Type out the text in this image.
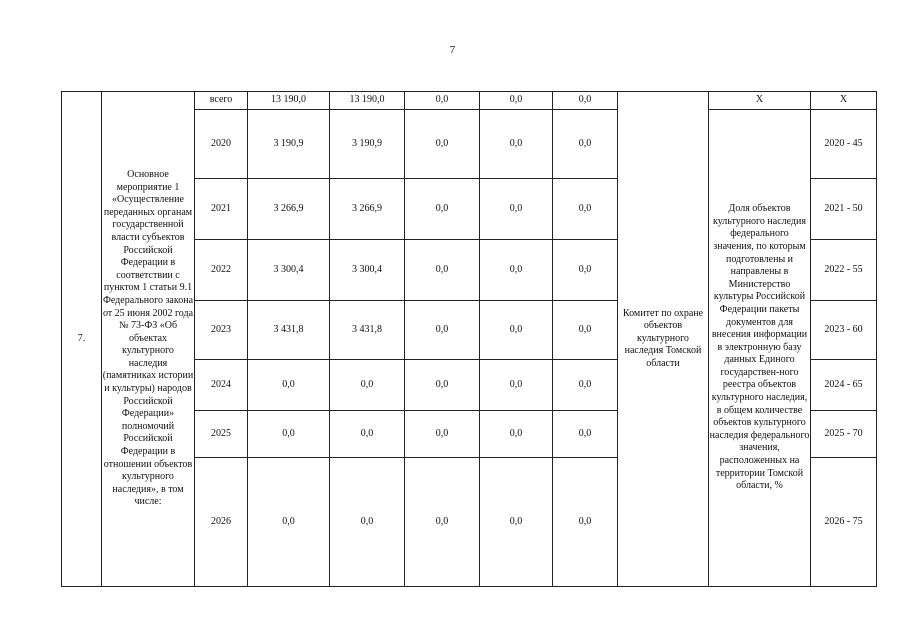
7
7.	Основное мероприятие 1 «Осуществление переданных органам государственной власти субъектов Российской Федерации в соответствии с пунктом 1 статьи 9.1 Федерального закона от 25 июня 2002 года № 73-ФЗ «Об объектах культурного наследия (памятниках истории и культуры) народов Российской Федерации» полномочий Российской Федерации в отношении объектов культурного наследия», в том числе:	всего	13 190,0	13 190,0	0,0	0,0	0,0	Комитет по охране объектов культурного наследия Томской области	Х	Х
		2020	3 190,9	3 190,9	0,0	0,0	0,0		Доля объектов культурного наследия федерального значения, по которым подготовлены и направлены в Министерство культуры Российской Федерации пакеты документов для внесения информации в электронную базу данных Единого государствен-ного реестра объектов культурного наследия, в общем количестве объектов культурного наследия федерального значения, расположенных на территории Томской области, %	2020 - 45
		2021	3 266,9	3 266,9	0,0	0,0	0,0			2021 - 50
		2022	3 300,4	3 300,4	0,0	0,0	0,0			2022 - 55
		2023	3 431,8	3 431,8	0,0	0,0	0,0			2023 - 60
		2024	0,0	0,0	0,0	0,0	0,0			2024 - 65
		2025	0,0	0,0	0,0	0,0	0,0			2025 - 70
		2026	0,0	0,0	0,0	0,0	0,0			2026 - 75
